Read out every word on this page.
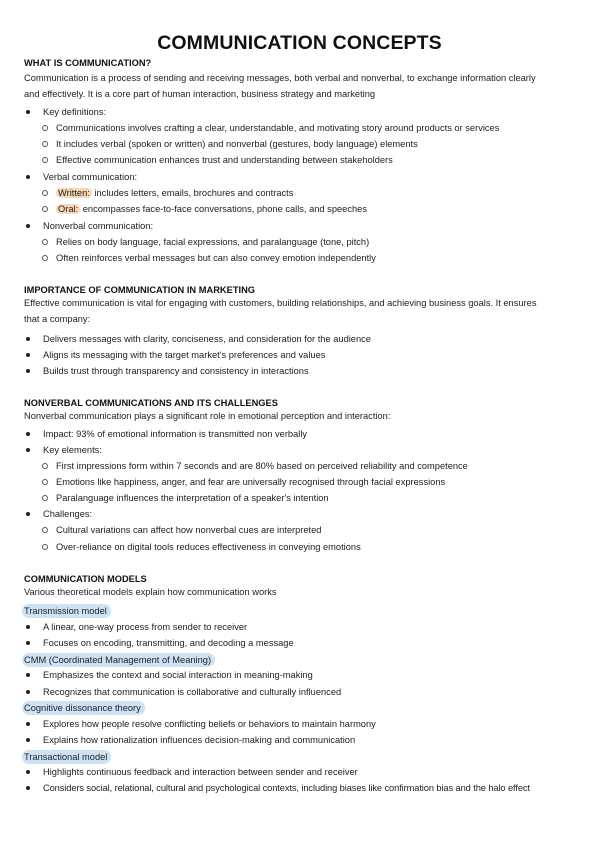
COMMUNICATION CONCEPTS
WHAT IS COMMUNICATION?
Communication is a process of sending and receiving messages, both verbal and nonverbal, to exchange information clearly
and effectively. It is a core part of human interaction, business strategy and marketing
Key definitions:
Communications involves crafting a clear, understandable, and motivating story around products or services
It includes verbal (spoken or written) and nonverbal (gestures, body language) elements
Effective communication enhances trust and understanding between stakeholders
Verbal communication:
Written: includes letters, emails, brochures and contracts
Oral: encompasses face-to-face conversations, phone calls, and speeches
Nonverbal communication:
Relies on body language, facial expressions, and paralanguage (tone, pitch)
Often reinforces verbal messages but can also convey emotion independently
IMPORTANCE OF COMMUNICATION IN MARKETING
Effective communication is vital for engaging with customers, building relationships, and achieving business goals. It ensures
that a company:
Delivers messages with clarity, conciseness, and consideration for the audience
Aligns its messaging with the target market's preferences and values
Builds trust through transparency and consistency in interactions
NONVERBAL COMMUNICATIONS AND ITS CHALLENGES
Nonverbal communication plays a significant role in emotional perception and interaction:
Impact: 93% of emotional information is transmitted non verbally
Key elements:
First impressions form within 7 seconds and are 80% based on perceived reliability and competence
Emotions like happiness, anger, and fear are universally recognised through facial expressions
Paralanguage influences the interpretation of a speaker's intention
Challenges:
Cultural variations can affect how nonverbal cues are interpreted
Over-reliance on digital tools reduces effectiveness in conveying emotions
COMMUNICATION MODELS
Various theoretical models explain how communication works
Transmission model
A linear, one-way process from sender to receiver
Focuses on encoding, transmitting, and decoding a message
CMM (Coordinated Management of Meaning)
Emphasizes the context and social interaction in meaning-making
Recognizes that communication is collaborative and culturally influenced
Cognitive dissonance theory
Explores how people resolve conflicting beliefs or behaviors to maintain harmony
Explains how rationalization influences decision-making and communication
Transactional model
Highlights continuous feedback and interaction between sender and receiver
Considers social, relational, cultural and psychological contexts, including biases like confirmation bias and the halo effect
